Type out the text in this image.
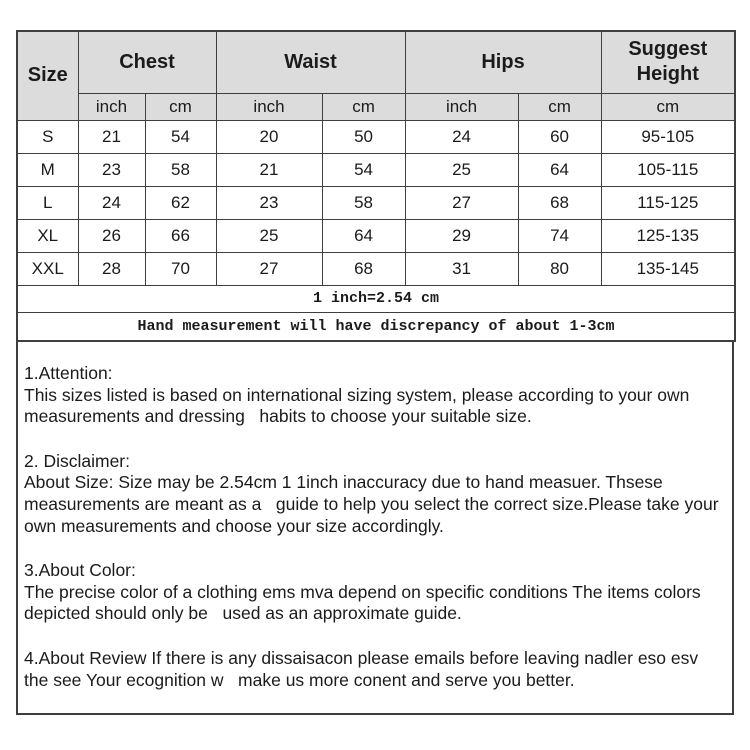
Size	Chest		Waist		Hips		Suggest Height
	inch	cm	inch	cm	inch	cm	cm
S	21	54	20	50	24	60	95-105
M	23	58	21	54	25	64	105-115
L	24	62	23	58	27	68	115-125
XL	26	66	25	64	29	74	125-135
XXL	28	70	27	68	31	80	135-145
1 inch=2.54 cm							
Hand measurement will have discrepancy of about 1-3cm							
1.Attention:
This sizes listed is based on international sizing system, please according to your own
measurements and dressing   habits to choose your suitable size.
2. Disclaimer:
About Size: Size may be 2.54cm 1 1inch inaccuracy due to hand measuer. Thsese
measurements are meant as a   guide to help you select the correct size.Please take your
own measurements and choose your size accordingly.
3.About Color:
The precise color of a clothing ems mva depend on specific conditions The items colors
depicted should only be   used as an approximate guide.
4.About Review If there is any dissaisacon please emails before leaving nadler eso esv
the see Your ecognition w   make us more conent and serve you better.
